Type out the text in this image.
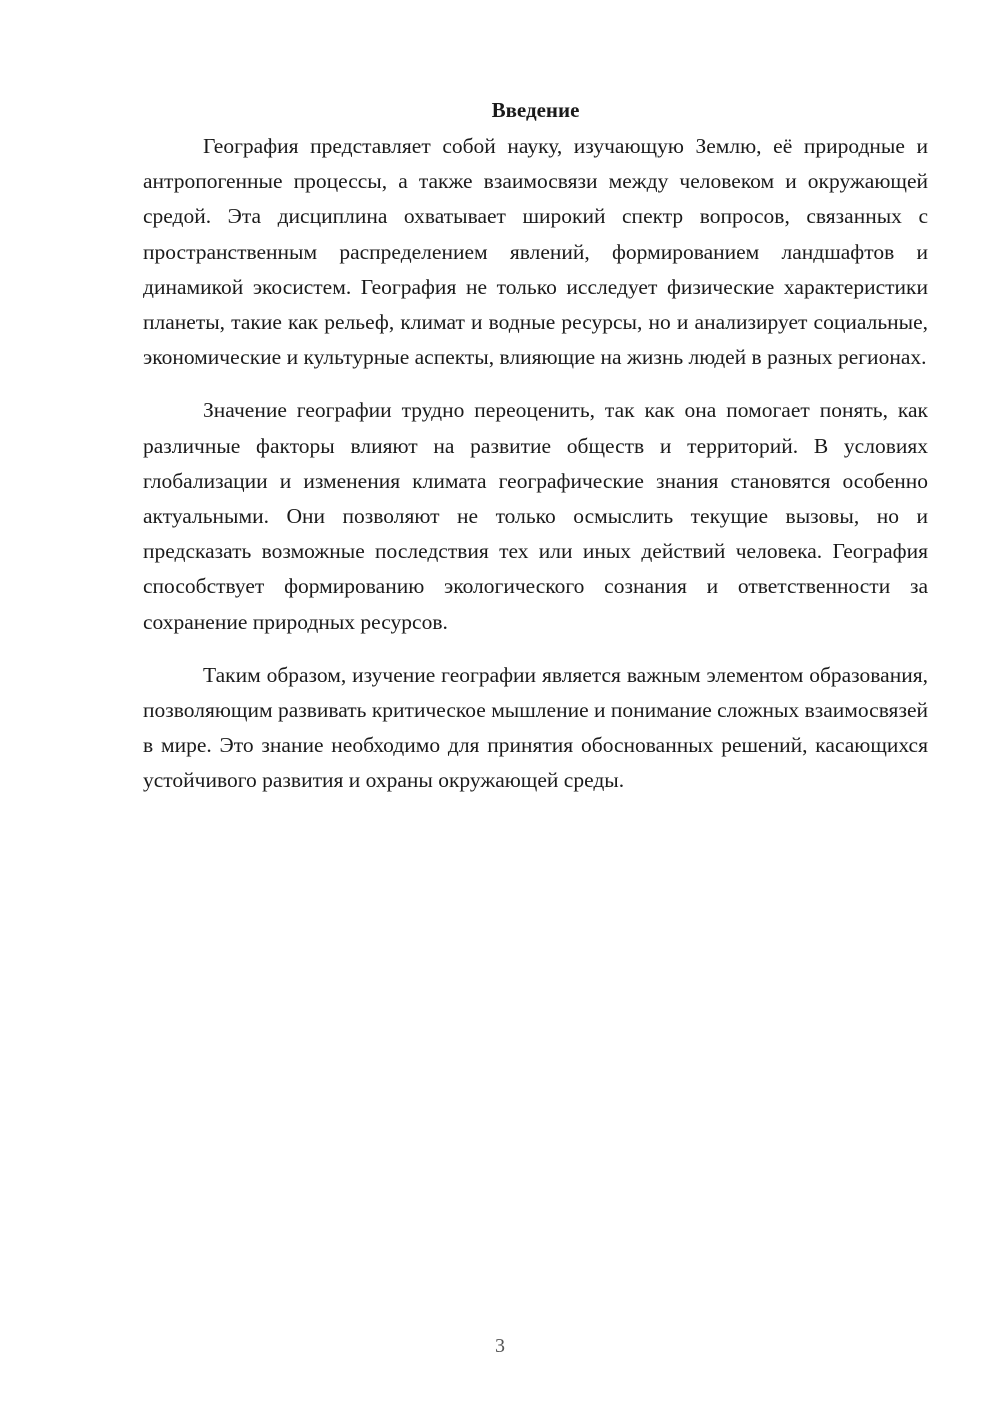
Введение

География представляет собой науку, изучающую Землю, её природные и антропогенные процессы, а также взаимосвязи между человеком и окружающей средой. Эта дисциплина охватывает широкий спектр вопросов, связанных с пространственным распределением явлений, формированием ландшафтов и динамикой экосистем. География не только исследует физические характеристики планеты, такие как рельеф, климат и водные ресурсы, но и анализирует социальные, экономические и культурные аспекты, влияющие на жизнь людей в разных регионах.

Значение географии трудно переоценить, так как она помогает понять, как различные факторы влияют на развитие обществ и территорий. В условиях глобализации и изменения климата географические знания становятся особенно актуальными. Они позволяют не только осмыслить текущие вызовы, но и предсказать возможные последствия тех или иных действий человека. География способствует формированию экологического сознания и ответственности за сохранение природных ресурсов.

Таким образом, изучение географии является важным элементом образования, позволяющим развивать критическое мышление и понимание сложных взаимосвязей в мире. Это знание необходимо для принятия обоснованных решений, касающихся устойчивого развития и охраны окружающей среды.

3
